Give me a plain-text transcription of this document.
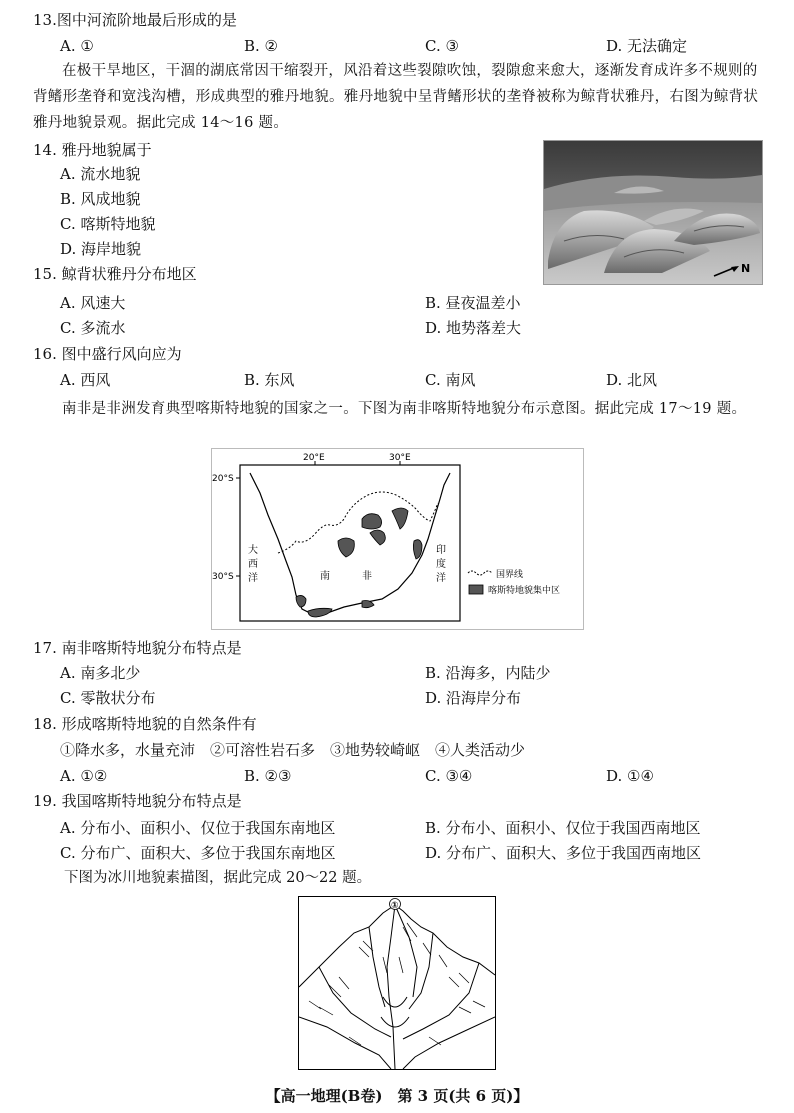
13.图中河流阶地最后形成的是
A. ①	B. ②	C. ③	D. 无法确定
在极干旱地区，干涸的湖底常因干缩裂开，风沿着这些裂隙吹蚀，裂隙愈来愈大，逐渐发育成许多不规则的背鳍形垄脊和宽浅沟槽，形成典型的雅丹地貌。雅丹地貌中呈背鳍形状的垄脊被称为鲸背状雅丹，右图为鲸背状雅丹地貌景观。据此完成 14～16 题。
N
14. 雅丹地貌属于
A. 流水地貌
B. 风成地貌
C. 喀斯特地貌
D. 海岸地貌
15. 鲸背状雅丹分布地区
A. 风速大	B. 昼夜温差小
C. 多流水	D. 地势落差大
16. 图中盛行风向应为
A. 西风	B. 东风	C. 南风	D. 北风
南非是非洲发育典型喀斯特地貌的国家之一。下图为南非喀斯特地貌分布示意图。据此完成 17～19 题。
20°E	30°E
20°S
30°S
大
西
洋
印
度
洋
南	非	国界线
喀斯特地貌集中区
17. 南非喀斯特地貌分布特点是
A. 南多北少	B. 沿海多，内陆少
C. 零散状分布	D. 沿海岸分布
18. 形成喀斯特地貌的自然条件有
①降水多，水量充沛　②可溶性岩石多　③地势较崎岖　④人类活动少
A. ①②	B. ②③	C. ③④	D. ①④
19. 我国喀斯特地貌分布特点是
A. 分布小、面积小、仅位于我国东南地区	B. 分布小、面积小、仅位于我国西南地区
C. 分布广、面积大、多位于我国东南地区	D. 分布广、面积大、多位于我国西南地区
下图为冰川地貌素描图，据此完成 20～22 题。
①
【高一地理(B卷)　第 3 页(共 6 页)】
